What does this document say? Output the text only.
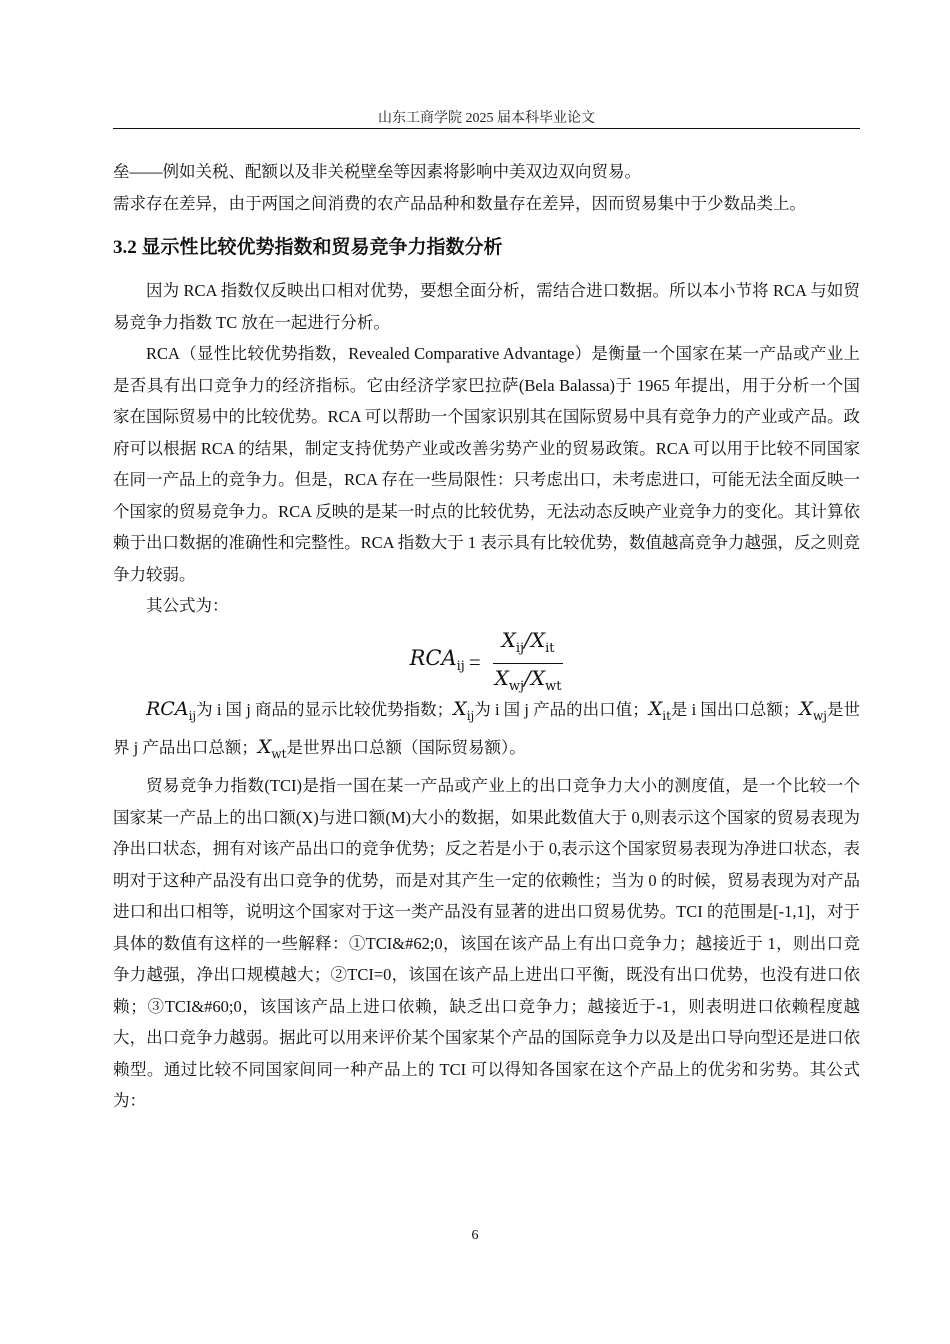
山东工商学院 2025 届本科毕业论文

垒——例如关税、配额以及非关税壁垒等因素将影响中美双边双向贸易。

需求存在差异，由于两国之间消费的农产品品种和数量存在差异，因而贸易集中于少数品类上。

3.2 显示性比较优势指数和贸易竞争力指数分析

因为 RCA 指数仅反映出口相对优势，要想全面分析，需结合进口数据。所以本小节将 RCA 与如贸易竞争力指数 TC 放在一起进行分析。

RCA（显性比较优势指数，Revealed Comparative Advantage）是衡量一个国家在某一产品或产业上是否具有出口竞争力的经济指标。它由经济学家巴拉萨(Bela Balassa)于 1965 年提出，用于分析一个国家在国际贸易中的比较优势。RCA 可以帮助一个国家识别其在国际贸易中具有竞争力的产业或产品。政府可以根据 RCA 的结果，制定支持优势产业或改善劣势产业的贸易政策。RCA 可以用于比较不同国家在同一产品上的竞争力。但是，RCA 存在一些局限性：只考虑出口，未考虑进口，可能无法全面反映一个国家的贸易竞争力。RCA 反映的是某一时点的比较优势，无法动态反映产业竞争力的变化。其计算依赖于出口数据的准确性和完整性。RCA 指数大于 1 表示具有比较优势，数值越高竞争力越强，反之则竞争力较弱。

其公式为：

$RCA_{ij} = \frac{X_{ij}/X_{it}}{X_{wj}/X_{wt}}$

$RCA_{ij}$为 i 国 j 商品的显示比较优势指数；$X_{ij}$为 i 国 j 产品的出口值；$X_{it}$是 i 国出口总额；$X_{wj}$是世界 j 产品出口总额；$X_{wt}$是世界出口总额（国际贸易额）。

贸易竞争力指数(TCI)是指一国在某一产品或产业上的出口竞争力大小的测度值，是一个比较一个国家某一产品上的出口额(X)与进口额(M)大小的数据，如果此数值大于 0,则表示这个国家的贸易表现为净出口状态，拥有对该产品出口的竞争优势；反之若是小于 0,表示这个国家贸易表现为净进口状态，表明对于这种产品没有出口竞争的优势，而是对其产生一定的依赖性；当为 0 的时候，贸易表现为对产品进口和出口相等，说明这个国家对于这一类产品没有显著的进出口贸易优势。TCI 的范围是[-1,1]，对于具体的数值有这样的一些解释：①TCI&#62;0，该国在该产品上有出口竞争力；越接近于 1，则出口竞争力越强，净出口规模越大；②TCI=0，该国在该产品上进出口平衡，既没有出口优势，也没有进口依赖；③TCI&#60;0，该国该产品上进口依赖，缺乏出口竞争力；越接近于-1，则表明进口依赖程度越大，出口竞争力越弱。据此可以用来评价某个国家某个产品的国际竞争力以及是出口导向型还是进口依赖型。通过比较不同国家间同一种产品上的 TCI 可以得知各国家在这个产品上的优劣和劣势。其公式为：

6
